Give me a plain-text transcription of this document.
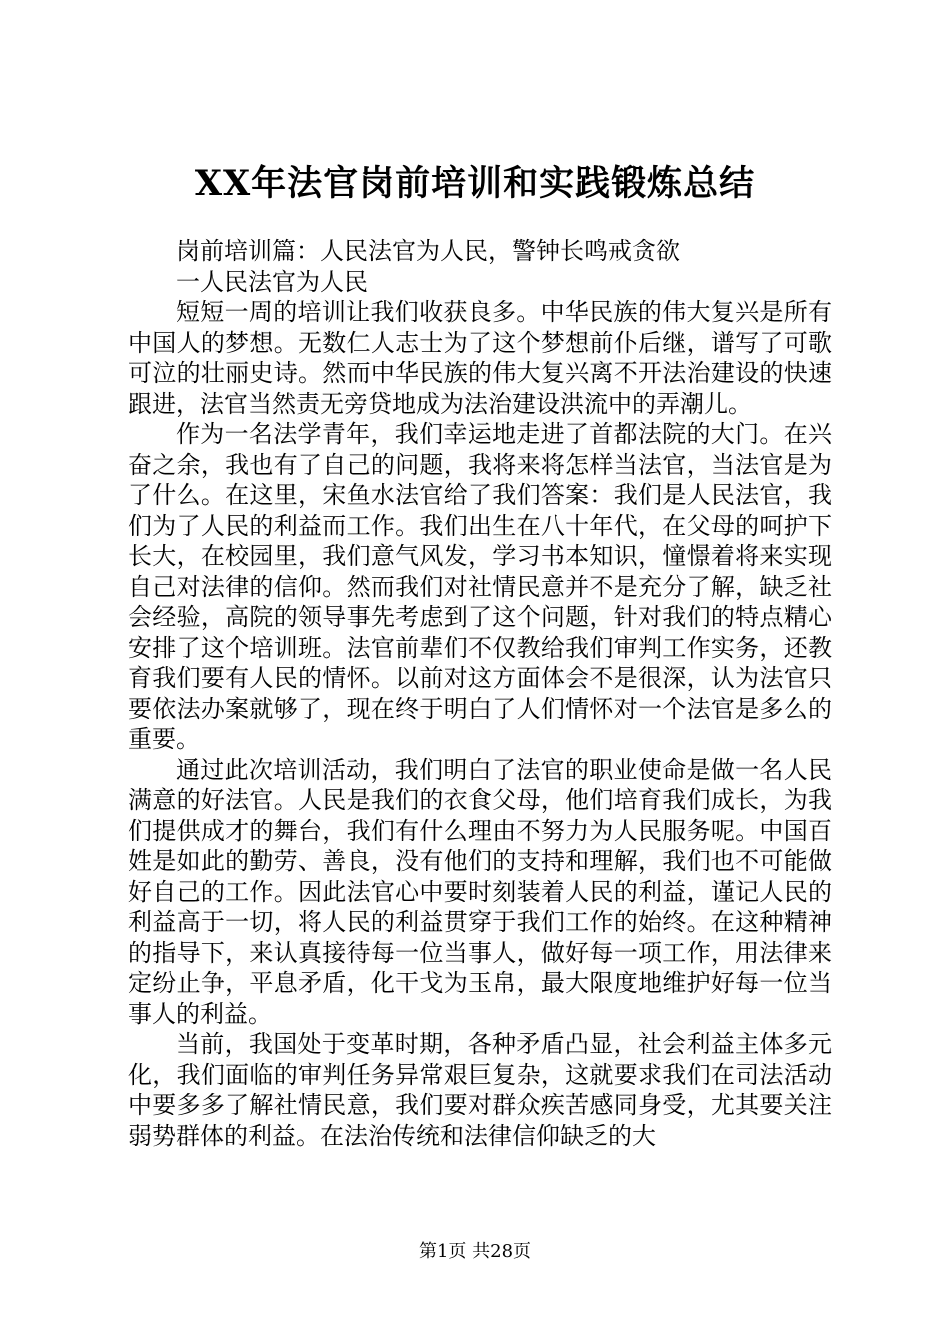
XX年法官岗前培训和实践锻炼总结

岗前培训篇：人民法官为人民，警钟长鸣戒贪欲

一人民法官为人民

短短一周的培训让我们收获良多。中华民族的伟大复兴是所有中国人的梦想。无数仁人志士为了这个梦想前仆后继，谱写了可歌可泣的壮丽史诗。然而中华民族的伟大复兴离不开法治建设的快速跟进，法官当然责无旁贷地成为法治建设洪流中的弄潮儿。

作为一名法学青年，我们幸运地走进了首都法院的大门。在兴奋之余，我也有了自己的问题，我将来将怎样当法官，当法官是为了什么。在这里，宋鱼水法官给了我们答案：我们是人民法官，我们为了人民的利益而工作。我们出生在八十年代，在父母的呵护下长大，在校园里，我们意气风发，学习书本知识，憧憬着将来实现自己对法律的信仰。然而我们对社情民意并不是充分了解，缺乏社会经验，高院的领导事先考虑到了这个问题，针对我们的特点精心安排了这个培训班。法官前辈们不仅教给我们审判工作实务，还教育我们要有人民的情怀。以前对这方面体会不是很深，认为法官只要依法办案就够了，现在终于明白了人们情怀对一个法官是多么的重要。

通过此次培训活动，我们明白了法官的职业使命是做一名人民满意的好法官。人民是我们的衣食父母，他们培育我们成长，为我们提供成才的舞台，我们有什么理由不努力为人民服务呢。中国百姓是如此的勤劳、善良，没有他们的支持和理解，我们也不可能做好自己的工作。因此法官心中要时刻装着人民的利益，谨记人民的利益高于一切，将人民的利益贯穿于我们工作的始终。在这种精神的指导下，来认真接待每一位当事人，做好每一项工作，用法律来定纷止争，平息矛盾，化干戈为玉帛，最大限度地维护好每一位当事人的利益。

当前，我国处于变革时期，各种矛盾凸显，社会利益主体多元化，我们面临的审判任务异常艰巨复杂，这就要求我们在司法活动中要多多了解社情民意，我们要对群众疾苦感同身受，尤其要关注弱势群体的利益。在法治传统和法律信仰缺乏的大

第1页 共28页
